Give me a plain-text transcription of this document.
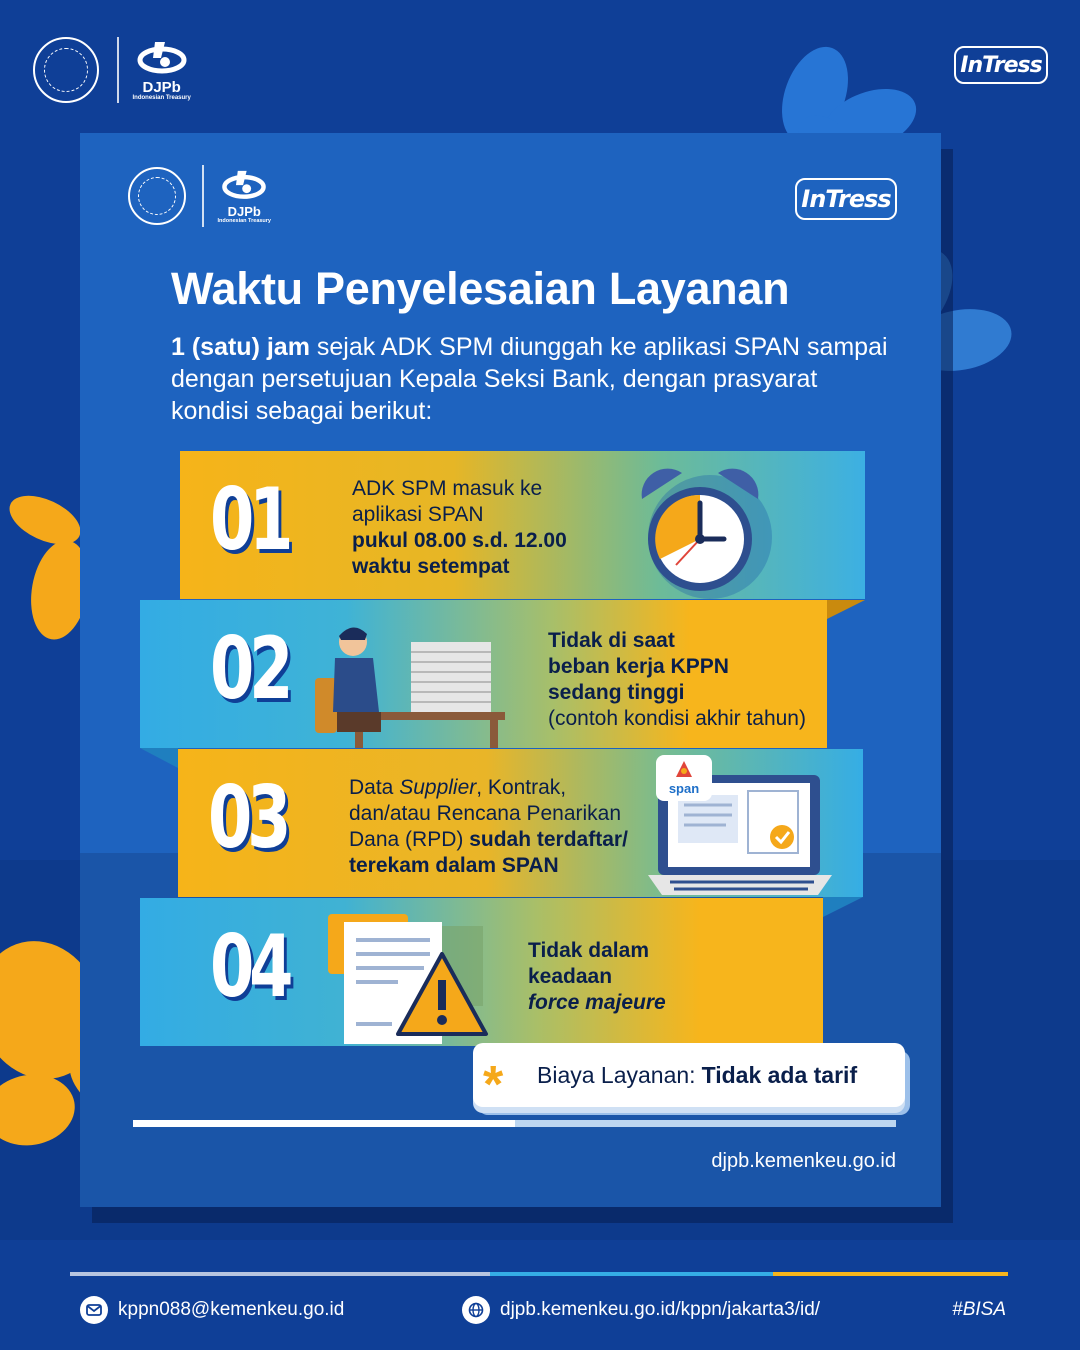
DJPb
Indonesian Treasury
InTress
DJPb
Indonesian Treasury
InTress
Waktu Penyelesaian Layanan

1 (satu) jam sejak ADK SPM diunggah ke aplikasi SPAN sampai dengan persetujuan Kepala Seksi Bank, dengan prasyarat kondisi sebagai berikut:

01	ADK SPM masuk ke
aplikasi SPAN
pukul 08.00 s.d. 12.00
waktu setempat
02	Tidak di saat
beban kerja KPPN
sedang tinggi
(contoh kondisi akhir tahun)
03	Data Supplier, Kontrak,
dan/atau Rencana Penarikan
Dana (RPD) sudah terdaftar/
terekam dalam SPAN
span
04	Tidak dalam
keadaan
force majeure
*	Biaya Layanan: Tidak ada tarif
djpb.kemenkeu.go.id
kppn088@kemenkeu.go.id	djpb.kemenkeu.go.id/kppn/jakarta3/id/	#BISA
